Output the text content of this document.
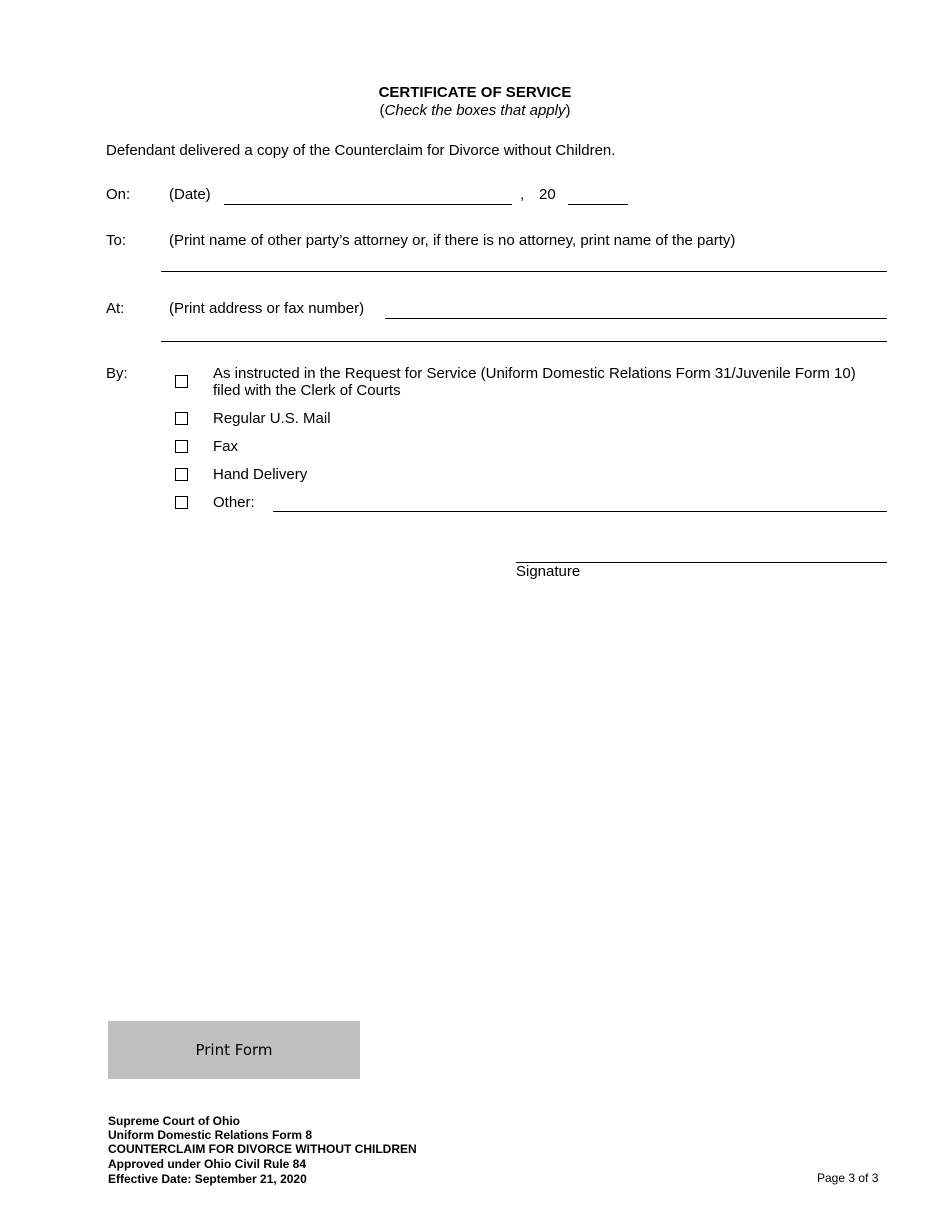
CERTIFICATE OF SERVICE
(Check the boxes that apply)
Defendant delivered a copy of the Counterclaim for Divorce without Children.
On:	(Date)	, 20
To:	(Print name of other party’s attorney or, if there is no attorney, print name of the party)
At:	(Print address or fax number)
By:	As instructed in the Request for Service (Uniform Domestic Relations Form 31/Juvenile Form 10)
filed with the Clerk of Courts
Regular U.S. Mail
Fax
Hand Delivery
Other:
Signature
Print Form
Supreme Court of Ohio
Uniform Domestic Relations Form 8
COUNTERCLAIM FOR DIVORCE WITHOUT CHILDREN
Approved under Ohio Civil Rule 84
Effective Date: September 21, 2020	Page 3 of 3
